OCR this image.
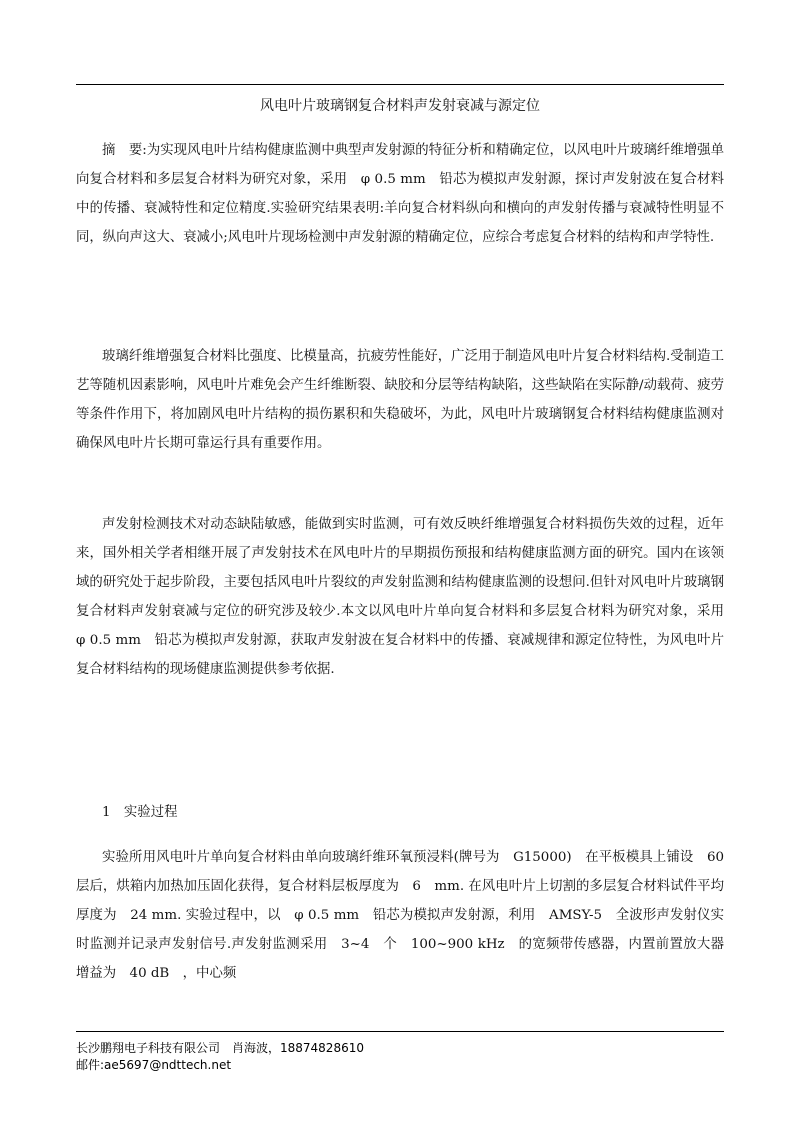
风电叶片玻璃钢复合材料声发射衰减与源定位

摘　要:为实现风电叶片结构健康监测中典型声发射源的特征分析和精确定位，以风电叶片玻璃纤维增强单向复合材料和多层复合材料为研究对象，采用　φ 0.5 mm　铅芯为模拟声发射源，探讨声发射波在复合材料中的传播、衰减特性和定位精度.实验研究结果表明:羊向复合材料纵向和横向的声发射传播与衰减特性明显不同，纵向声这大、衰减小;风电叶片现场检测中声发射源的精确定位，应综合考虑复合材料的结构和声学特性.

玻璃纤维增强复合材料比强度、比模量高，抗疲劳性能好，广泛用于制造风电叶片复合材料结构.受制造工艺等随机因素影响，风电叶片难免会产生纤维断裂、缺胶和分层等结构缺陷，这些缺陷在实际静/动载荷、疲劳等条件作用下，将加剧风电叶片结构的损伤累积和失稳破坏，为此，风电叶片玻璃钢复合材料结构健康监测对确保风电叶片长期可靠运行具有重要作用。

声发射检测技术对动态缺陆敏感，能做到实时监测，可有效反映纤维增强复合材料损伤失效的过程，近年来，国外相关学者相继开展了声发射技术在风电叶片的早期损伤预报和结构健康监测方面的研究。国内在该领域的研究处于起步阶段，主要包括风电叶片裂纹的声发射监测和结构健康监测的设想问.但针对风电叶片玻璃钢复合材料声发射衰减与定位的研究涉及较少.本文以风电叶片单向复合材料和多层复合材料为研究对象，采用　φ 0.5 mm　铅芯为模拟声发射源，获取声发射波在复合材料中的传播、衰减规律和源定位特性，为风电叶片复合材料结构的现场健康监测提供参考依据.

1　实验过程

实验所用风电叶片单向复合材料由单向玻璃纤维环氧预浸料(牌号为　G15000)　在平板模具上铺设　60　层后，烘箱内加热加压固化获得，复合材料层板厚度为　6　mm. 在风电叶片上切割的多层复合材料试件平均厚度为　24 mm. 实验过程中，以　φ 0.5 mm　铅芯为模拟声发射源，利用　AMSY-5　全波形声发射仪实时监测并记录声发射信号.声发射监测采用　3~4　个　100~900 kHz　的宽频带传感器，内置前置放大器增益为　40 dB　，中心频

长沙鹏翔电子科技有限公司　肖海波，18874828610
邮件:ae5697@ndttech.net
